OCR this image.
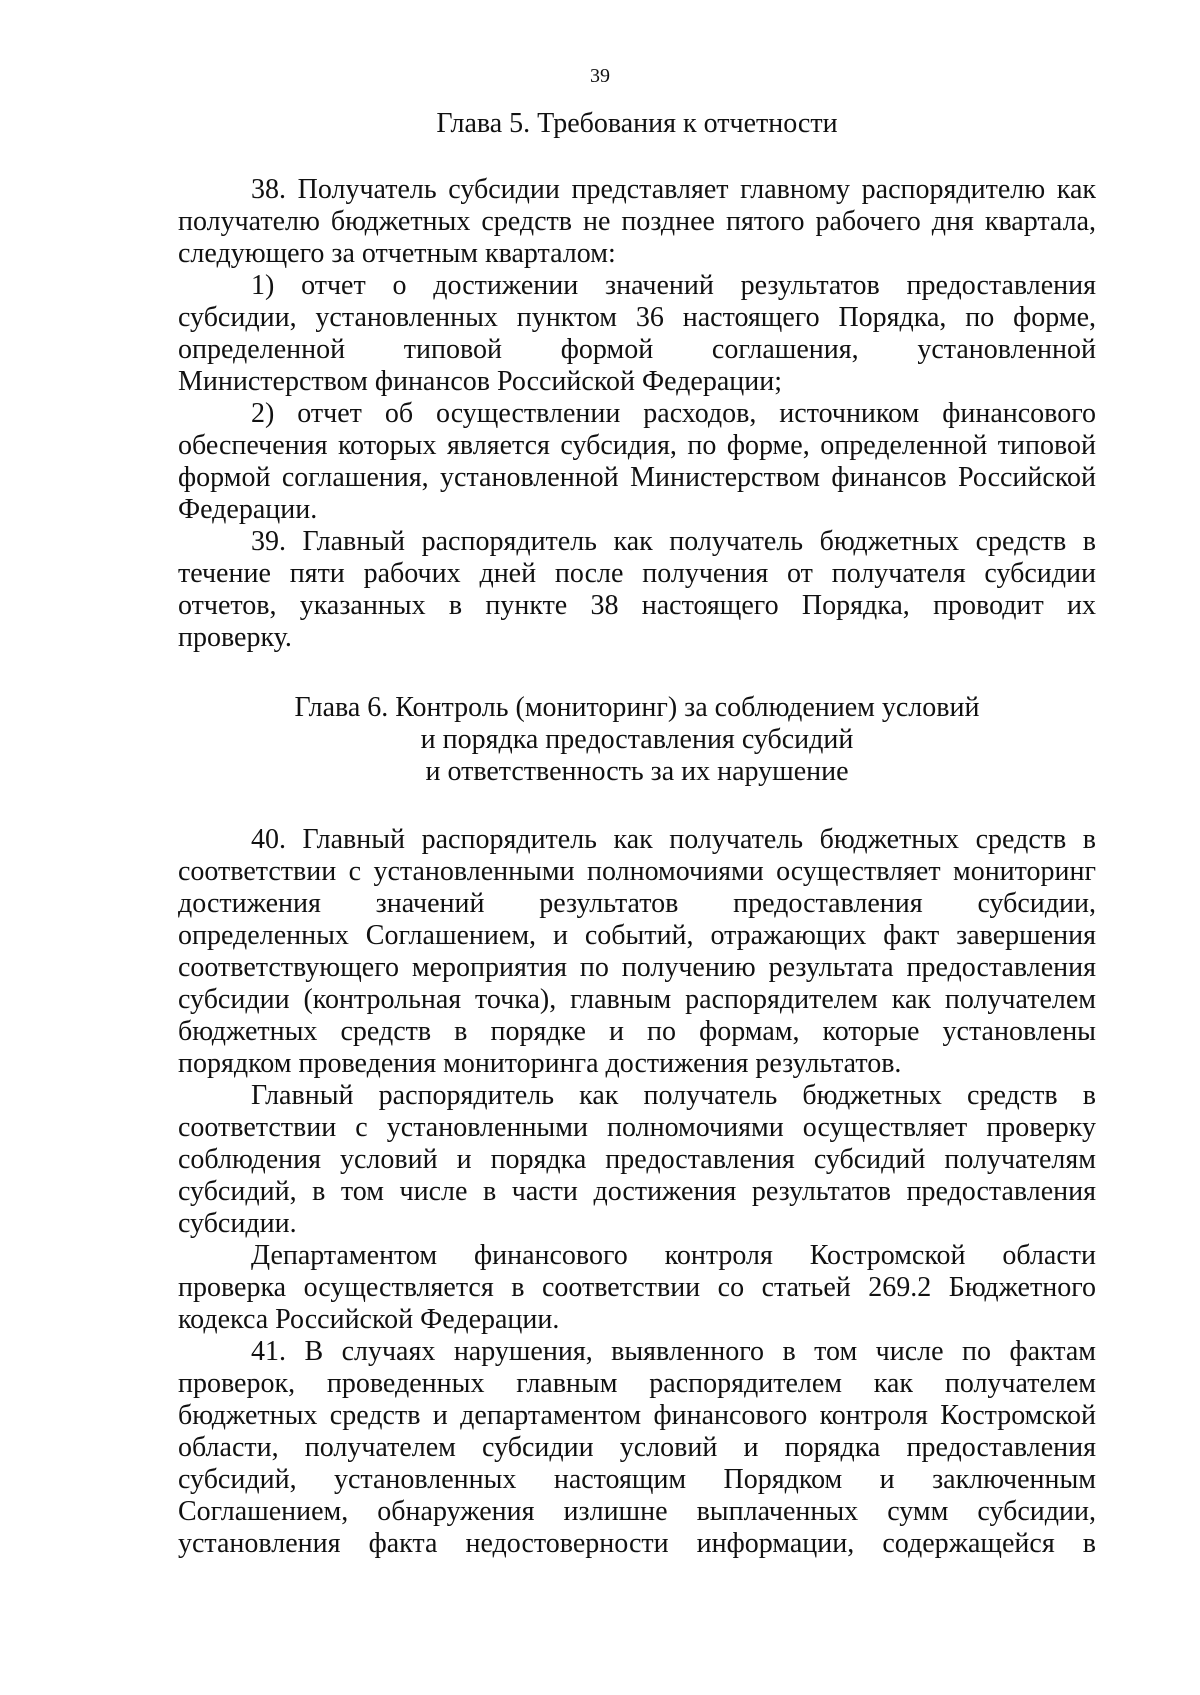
39

Глава 5. Требования к отчетности

38. Получатель субсидии представляет главному распорядителю как
получателю бюджетных средств не позднее пятого рабочего дня квартала,
следующего за отчетным кварталом:
1) отчет о достижении значений результатов предоставления
субсидии, установленных пунктом 36 настоящего Порядка, по форме,
определенной типовой формой соглашения, установленной
Министерством финансов Российской Федерации;
2) отчет об осуществлении расходов, источником финансового
обеспечения которых является субсидия, по форме, определенной типовой
формой соглашения, установленной Министерством финансов Российской
Федерации.
39. Главный распорядитель как получатель бюджетных средств в
течение пяти рабочих дней после получения от получателя субсидии
отчетов, указанных в пункте 38 настоящего Порядка, проводит их
проверку.

Глава 6. Контроль (мониторинг) за соблюдением условий
и порядка предоставления субсидий
и ответственность за их нарушение

40. Главный распорядитель как получатель бюджетных средств в
соответствии с установленными полномочиями осуществляет мониторинг
достижения значений результатов предоставления субсидии,
определенных Соглашением, и событий, отражающих факт завершения
соответствующего мероприятия по получению результата предоставления
субсидии (контрольная точка), главным распорядителем как получателем
бюджетных средств в порядке и по формам, которые установлены
порядком проведения мониторинга достижения результатов.
Главный распорядитель как получатель бюджетных средств в
соответствии с установленными полномочиями осуществляет проверку
соблюдения условий и порядка предоставления субсидий получателям
субсидий, в том числе в части достижения результатов предоставления
субсидии.
Департаментом финансового контроля Костромской области
проверка осуществляется в соответствии со статьей 269.2 Бюджетного
кодекса Российской Федерации.
41. В случаях нарушения, выявленного в том числе по фактам
проверок, проведенных главным распорядителем как получателем
бюджетных средств и департаментом финансового контроля Костромской
области, получателем субсидии условий и порядка предоставления
субсидий, установленных настоящим Порядком и заключенным
Соглашением, обнаружения излишне выплаченных сумм субсидии,
установления факта недостоверности информации, содержащейся в
